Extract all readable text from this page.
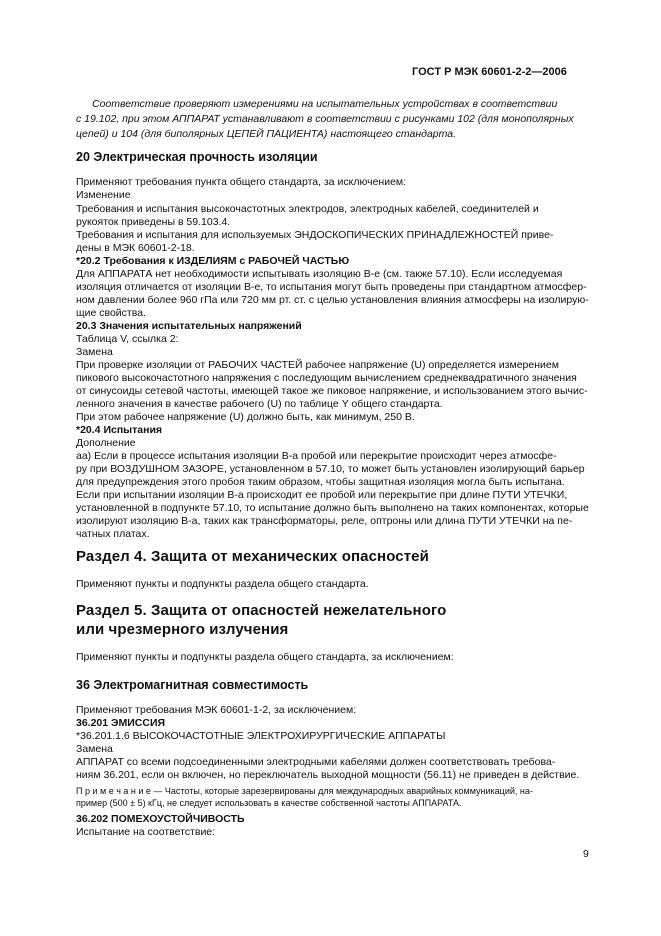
ГОСТ Р МЭК 60601-2-2—2006
Соответствие проверяют измерениями на испытательных устройствах в соответствии
с 19.102, при этом АППАРАТ устанавливают в соответствии с рисунками 102 (для монополярных
цепей) и 104 (для биполярных ЦЕПЕЙ ПАЦИЕНТА) настоящего стандарта.
20 Электрическая прочность изоляции
Применяют требования пункта общего стандарта, за исключением:
Изменение
Требования и испытания высокочастотных электродов, электродных кабелей, соединителей и
рукояток приведены в 59.103.4.
Требования и испытания для используемых ЭНДОСКОПИЧЕСКИХ ПРИНАДЛЕЖНОСТЕЙ приве-
дены в МЭК 60601-2-18.
*20.2 Требования к ИЗДЕЛИЯМ с РАБОЧЕЙ ЧАСТЬЮ
Для АППАРАТА нет необходимости испытывать изоляцию В-е (см. также 57.10). Если исследуемая
изоляция отличается от изоляции В-е, то испытания могут быть проведены при стандартном атмосфер-
ном давлении более 960 гПа или 720 мм рт. ст. с целью установления влияния атмосферы на изолирую-
щие свойства.
20.3 Значения испытательных напряжений
Таблица V, ссылка 2:
Замена
При проверке изоляции от РАБОЧИХ ЧАСТЕЙ рабочее напряжение (U) определяется измерением
пикового высокочастотного напряжения с последующим вычислением среднеквадратичного значения
от синусоиды сетевой частоты, имеющей такое же пиковое напряжение, и использованием этого вычис-
ленного значения в качестве рабочего (U) по таблице Y общего стандарта.
При этом рабочее напряжение (U) должно быть, как минимум, 250 В.
*20.4 Испытания
Дополнение
аа) Если в процессе испытания изоляции В-а пробой или перекрытие происходит через атмосфе-
ру при ВОЗДУШНОМ ЗАЗОРЕ, установленном в 57.10, то может быть установлен изолирующий барьер
для предупреждения этого пробоя таким образом, чтобы защитная изоляция могла быть испытана.
Если при испытании изоляции В-а происходит ее пробой или перекрытие при длине ПУТИ УТЕЧКИ,
установленной в подпункте 57.10, то испытание должно быть выполнено на таких компонентах, которые
изолируют изоляцию В-а, таких как трансформаторы, реле, оптроны или длина ПУТИ УТЕЧКИ на пе-
чатных платах.
Раздел 4. Защита от механических опасностей
Применяют пункты и подпункты раздела общего стандарта.
Раздел 5. Защита от опасностей нежелательного
или чрезмерного излучения
Применяют пункты и подпункты раздела общего стандарта, за исключением:
36 Электромагнитная совместимость
Применяют требования МЭК 60601-1-2, за исключением:
36.201 ЭМИССИЯ
*36.201.1.6 ВЫСОКОЧАСТОТНЫЕ ЭЛЕКТРОХИРУРГИЧЕСКИЕ АППАРАТЫ
Замена
АППАРАТ со всеми подсоединенными электродными кабелями должен соответствовать требова-
ниям 36.201, если он включен, но переключатель выходной мощности (56.11) не приведен в действие.
П р и м е ч а н и е — Частоты, которые зарезервированы для международных аварийных коммуникаций, на-
пример (500 ± 5) кГц, не следует использовать в качестве собственной частоты АППАРАТА.
36.202 ПОМЕХОУСТОЙЧИВОСТЬ
Испытание на соответствие:
9
